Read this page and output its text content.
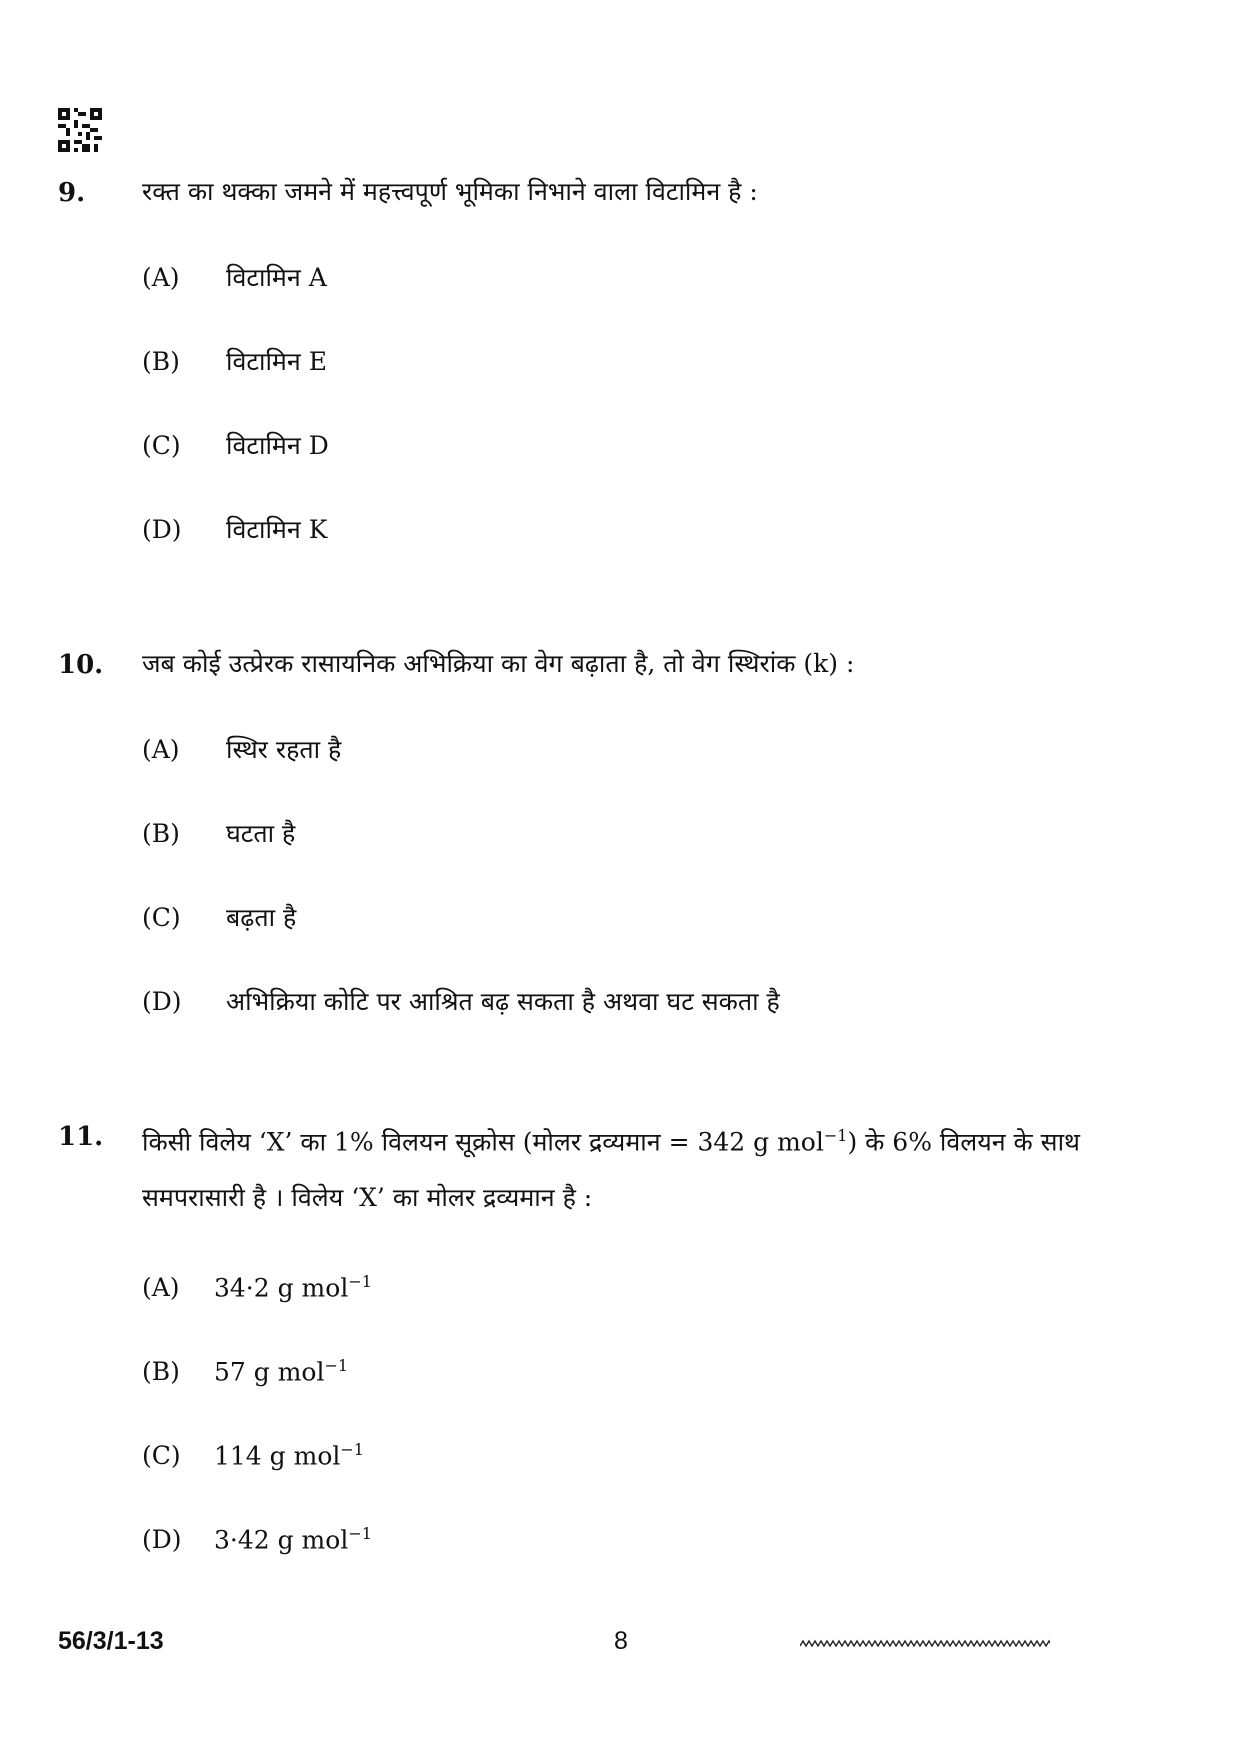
9. रक्त का थक्का जमने में महत्त्वपूर्ण भूमिका निभाने वाला विटामिन है :
(A) विटामिन A
(B) विटामिन E
(C) विटामिन D
(D) विटामिन K
10. जब कोई उत्प्रेरक रासायनिक अभिक्रिया का वेग बढ़ाता है, तो वेग स्थिरांक (k) :
(A) स्थिर रहता है
(B) घटता है
(C) बढ़ता है
(D) अभिक्रिया कोटि पर आश्रित बढ़ सकता है अथवा घट सकता है
11. किसी विलेय ‘X’ का 1% विलयन सूक्रोस (मोलर द्रव्यमान = 342 g mol$^{-1}$) के 6% विलयन के साथ समपरासारी है । विलेय ‘X’ का मोलर द्रव्यमान है :
(A) 34·2 g mol$^{-1}$
(B) 57 g mol$^{-1}$
(C) 114 g mol$^{-1}$
(D) 3·42 g mol$^{-1}$
56/3/1-13	8
